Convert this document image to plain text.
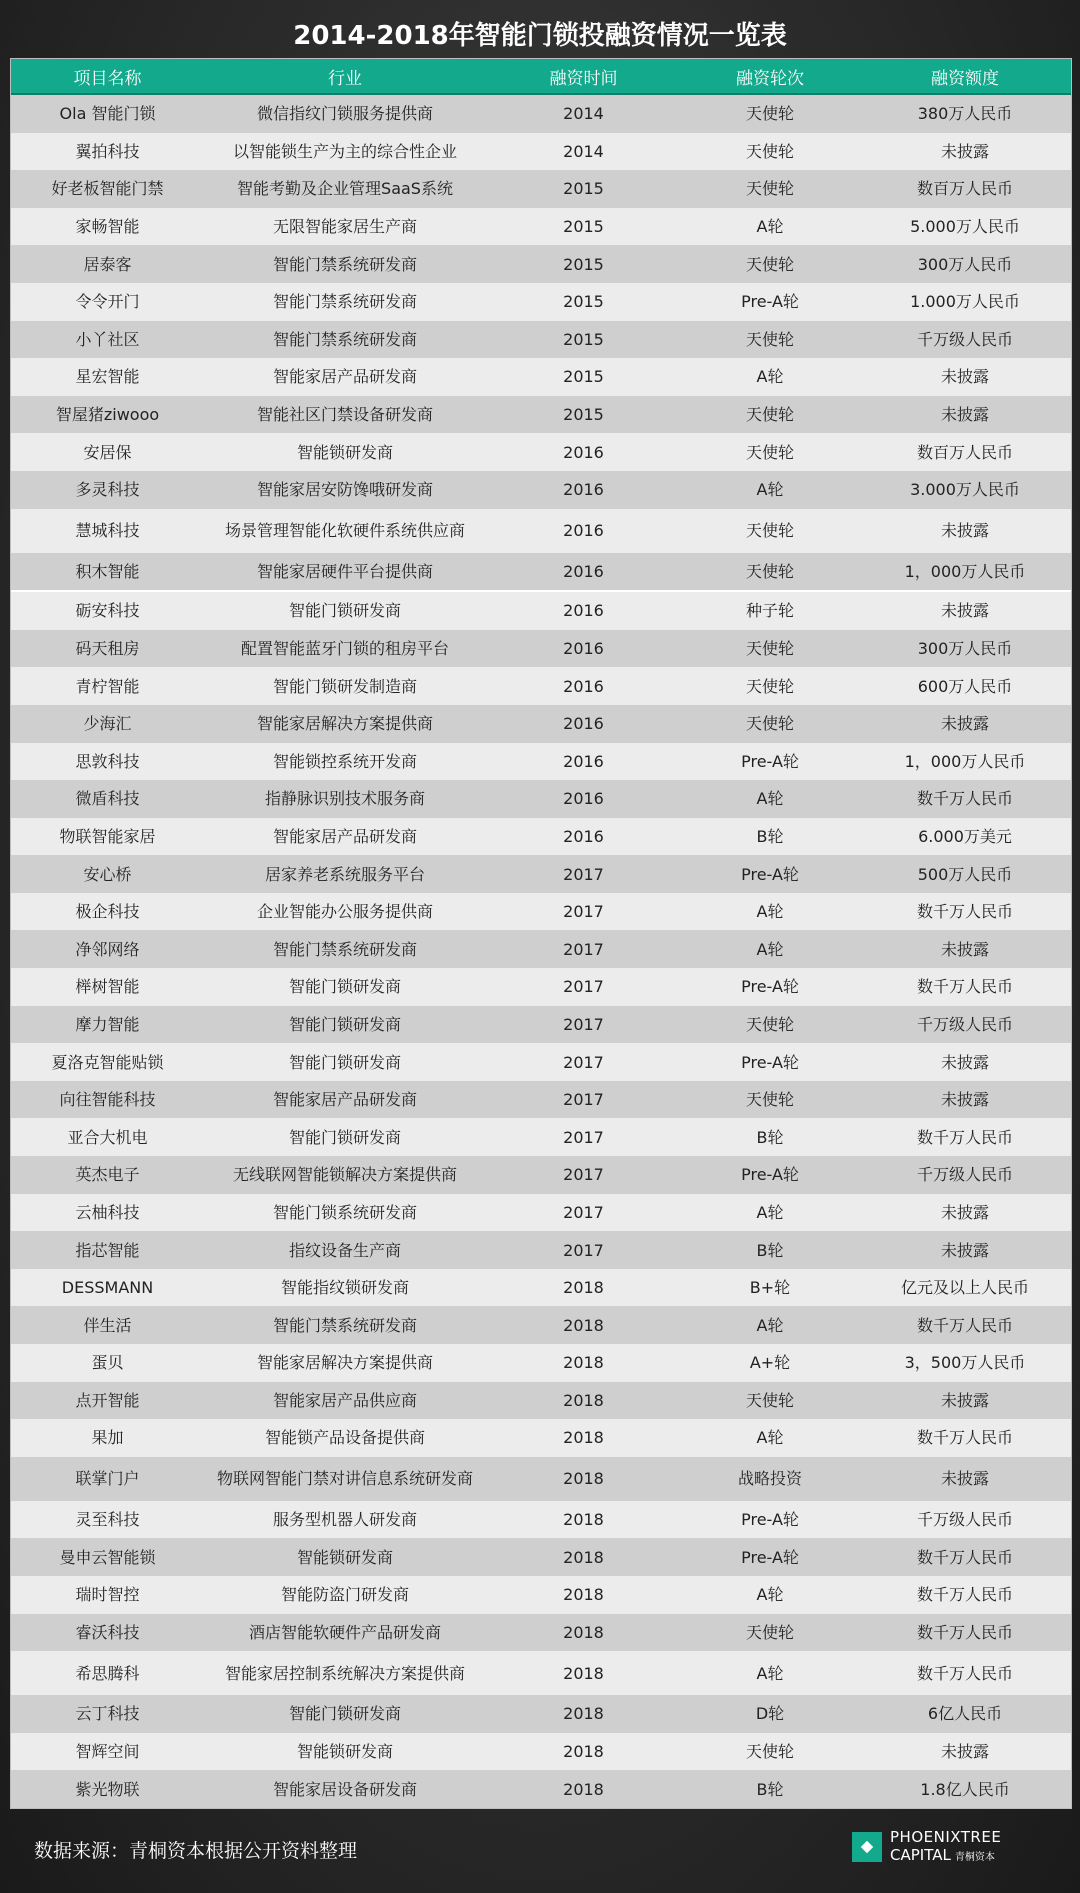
2014-2018年智能门锁投融资情况一览表
项目名称	行业	融资时间	融资轮次	融资额度
Ola 智能门锁	微信指纹门锁服务提供商	2014	天使轮	380万人民币
翼拍科技	以智能锁生产为主的综合性企业	2014	天使轮	未披露
好老板智能门禁	智能考勤及企业管理SaaS系统	2015	天使轮	数百万人民币
家畅智能	无限智能家居生产商	2015	A轮	5.000万人民币
居泰客	智能门禁系统研发商	2015	天使轮	300万人民币
令令开门	智能门禁系统研发商	2015	Pre-A轮	1.000万人民币
小丫社区	智能门禁系统研发商	2015	天使轮	千万级人民币
星宏智能	智能家居产品研发商	2015	A轮	未披露
智屋猪ziwooo	智能社区门禁设备研发商	2015	天使轮	未披露
安居保	智能锁研发商	2016	天使轮	数百万人民币
多灵科技	智能家居安防馋哦研发商	2016	A轮	3.000万人民币
慧城科技	场景管理智能化软硬件系统供应商	2016	天使轮	未披露
积木智能	智能家居硬件平台提供商	2016	天使轮	1，000万人民币
砺安科技	智能门锁研发商	2016	种子轮	未披露
码天租房	配置智能蓝牙门锁的租房平台	2016	天使轮	300万人民币
青柠智能	智能门锁研发制造商	2016	天使轮	600万人民币
少海汇	智能家居解决方案提供商	2016	天使轮	未披露
思敦科技	智能锁控系统开发商	2016	Pre-A轮	1，000万人民币
微盾科技	指静脉识别技术服务商	2016	A轮	数千万人民币
物联智能家居	智能家居产品研发商	2016	B轮	6.000万美元
安心桥	居家养老系统服务平台	2017	Pre-A轮	500万人民币
极企科技	企业智能办公服务提供商	2017	A轮	数千万人民币
净邻网络	智能门禁系统研发商	2017	A轮	未披露
榉树智能	智能门锁研发商	2017	Pre-A轮	数千万人民币
摩力智能	智能门锁研发商	2017	天使轮	千万级人民币
夏洛克智能贴锁	智能门锁研发商	2017	Pre-A轮	未披露
向往智能科技	智能家居产品研发商	2017	天使轮	未披露
亚合大机电	智能门锁研发商	2017	B轮	数千万人民币
英杰电子	无线联网智能锁解决方案提供商	2017	Pre-A轮	千万级人民币
云柚科技	智能门锁系统研发商	2017	A轮	未披露
指芯智能	指纹设备生产商	2017	B轮	未披露
DESSMANN	智能指纹锁研发商	2018	B+轮	亿元及以上人民币
伴生活	智能门禁系统研发商	2018	A轮	数千万人民币
蛋贝	智能家居解决方案提供商	2018	A+轮	3，500万人民币
点开智能	智能家居产品供应商	2018	天使轮	未披露
果加	智能锁产品设备提供商	2018	A轮	数千万人民币
联掌门户	物联网智能门禁对讲信息系统研发商	2018	战略投资	未披露
灵至科技	服务型机器人研发商	2018	Pre-A轮	千万级人民币
曼申云智能锁	智能锁研发商	2018	Pre-A轮	数千万人民币
瑞时智控	智能防盗门研发商	2018	A轮	数千万人民币
睿沃科技	酒店智能软硬件产品研发商	2018	天使轮	数千万人民币
希思腾科	智能家居控制系统解决方案提供商	2018	A轮	数千万人民币
云丁科技	智能门锁研发商	2018	D轮	6亿人民币
智辉空间	智能锁研发商	2018	天使轮	未披露
紫光物联	智能家居设备研发商	2018	B轮	1.8亿人民币
数据来源：青桐资本根据公开资料整理
PHOENIXTREE
CAPITAL 青桐资本
